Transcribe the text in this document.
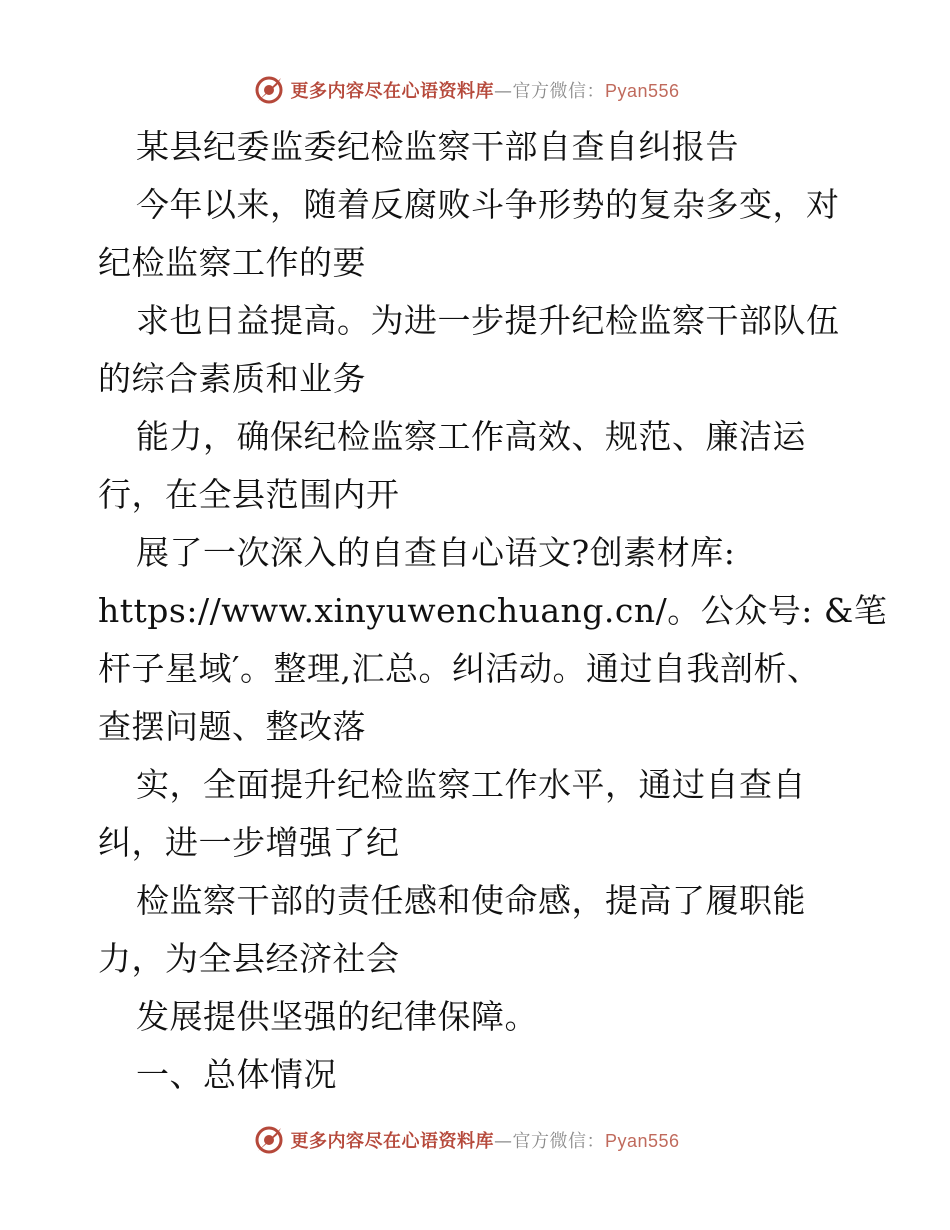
更多内容尽在心语资料库—官方微信：Pyan556
某县纪委监委纪检监察干部自查自纠报告
今年以来，随着反腐败斗争形势的复杂多变，对
纪检监察工作的要
求也日益提高。为进一步提升纪检监察干部队伍
的综合素质和业务
能力，确保纪检监察工作高效、规范、廉洁运
行，在全县范围内开
展了一次深入的自查自心语文?创素材库:
https://www.xinyuwenchuang.cn/。公众号: &笔
杆子星域′。整理,汇总。纠活动。通过自我剖析、
查摆问题、整改落
实，全面提升纪检监察工作水平，通过自查自
纠，进一步增强了纪
检监察干部的责任感和使命感，提高了履职能
力，为全县经济社会
发展提供坚强的纪律保障。
一、总体情况
更多内容尽在心语资料库—官方微信：Pyan556
